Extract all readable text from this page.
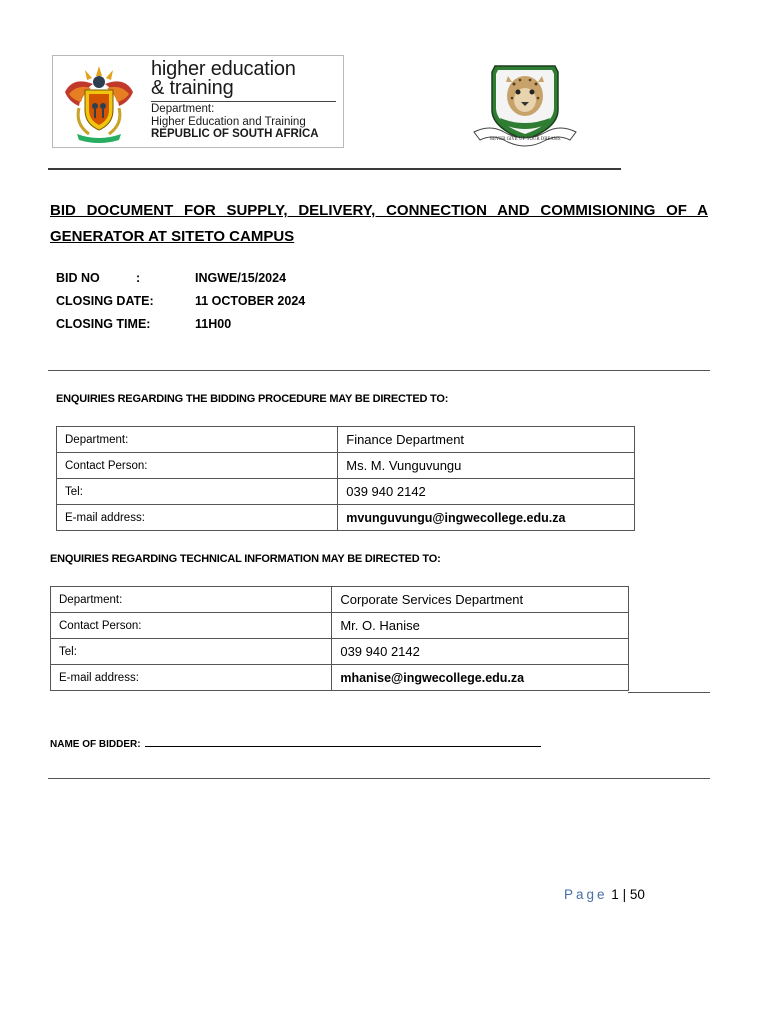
higher education
& training
Department:
Higher Education and Training
REPUBLIC OF SOUTH AFRICA	NEVER GIVE UP YOUR DREAMS
BID DOCUMENT FOR SUPPLY, DELIVERY, CONNECTION AND COMMISIONING OF A GENERATOR AT SITETO CAMPUS
BID NO	:	INGWE/15/2024
CLOSING DATE:	11 OCTOBER 2024
CLOSING TIME:	11H00
ENQUIRIES REGARDING THE BIDDING PROCEDURE MAY BE DIRECTED TO:
Department:	Finance Department
Contact Person:	Ms. M. Vunguvungu
Tel:	039 940 2142
E-mail address:	mvunguvungu@ingwecollege.edu.za
ENQUIRIES REGARDING TECHNICAL INFORMATION MAY BE DIRECTED TO:
Department:	Corporate Services Department
Contact Person:	Mr. O. Hanise
Tel:	039 940 2142
E-mail address:	mhanise@ingwecollege.edu.za
NAME OF BIDDER:
Page 1 | 50
